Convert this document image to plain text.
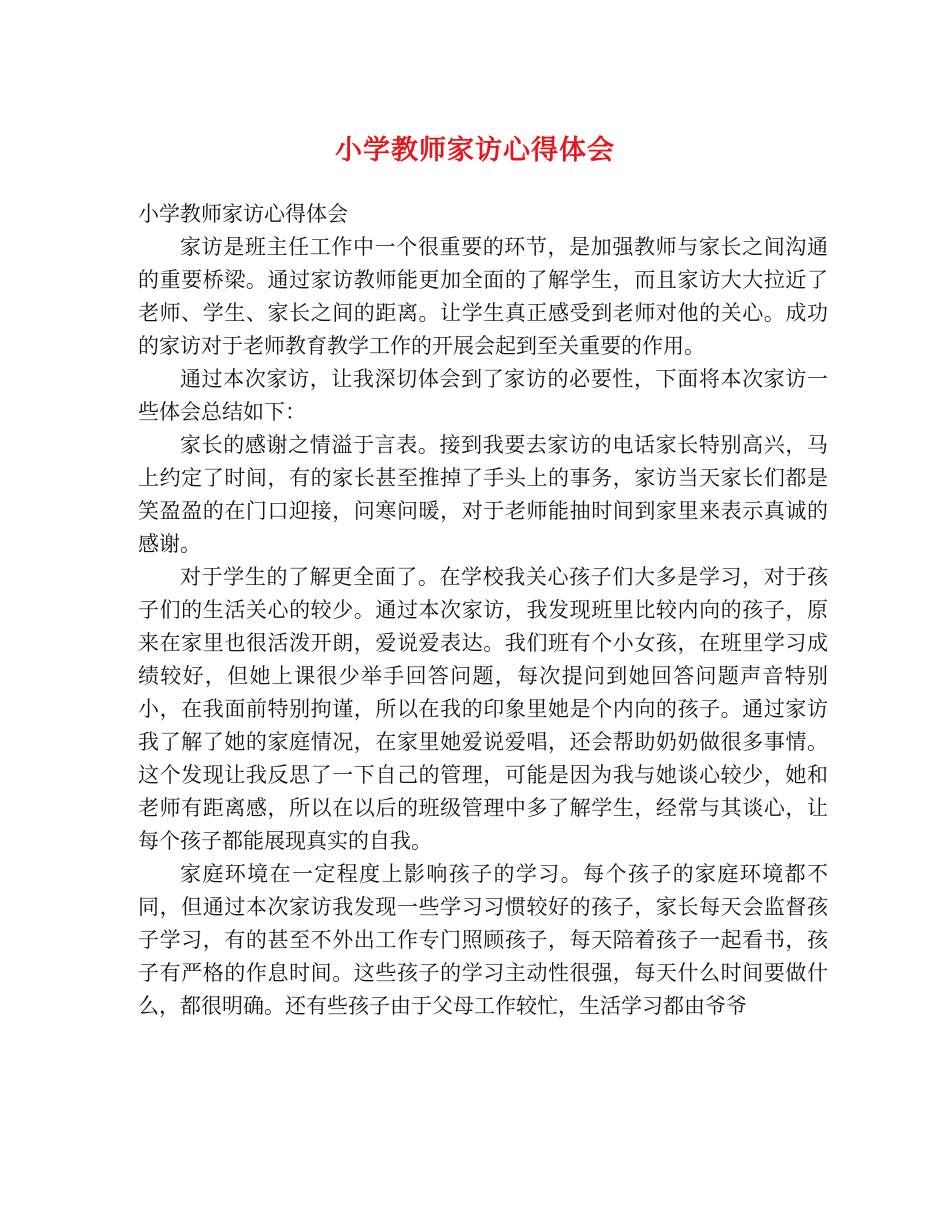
小学教师家访心得体会

小学教师家访心得体会

家访是班主任工作中一个很重要的环节，是加强教师与家长之间沟通的重要桥梁。通过家访教师能更加全面的了解学生，而且家访大大拉近了老师、学生、家长之间的距离。让学生真正感受到老师对他的关心。成功的家访对于老师教育教学工作的开展会起到至关重要的作用。

通过本次家访，让我深切体会到了家访的必要性，下面将本次家访一些体会总结如下：

家长的感谢之情溢于言表。接到我要去家访的电话家长特别高兴，马上约定了时间，有的家长甚至推掉了手头上的事务，家访当天家长们都是笑盈盈的在门口迎接，问寒问暖，对于老师能抽时间到家里来表示真诚的感谢。

对于学生的了解更全面了。在学校我关心孩子们大多是学习，对于孩子们的生活关心的较少。通过本次家访，我发现班里比较内向的孩子，原来在家里也很活泼开朗，爱说爱表达。我们班有个小女孩，在班里学习成绩较好，但她上课很少举手回答问题，每次提问到她回答问题声音特别小，在我面前特别拘谨，所以在我的印象里她是个内向的孩子。通过家访我了解了她的家庭情况，在家里她爱说爱唱，还会帮助奶奶做很多事情。这个发现让我反思了一下自己的管理，可能是因为我与她谈心较少，她和老师有距离感，所以在以后的班级管理中多了解学生，经常与其谈心，让每个孩子都能展现真实的自我。

家庭环境在一定程度上影响孩子的学习。每个孩子的家庭环境都不同，但通过本次家访我发现一些学习习惯较好的孩子，家长每天会监督孩子学习，有的甚至不外出工作专门照顾孩子，每天陪着孩子一起看书，孩子有严格的作息时间。这些孩子的学习主动性很强，每天什么时间要做什么，都很明确。还有些孩子由于父母工作较忙，生活学习都由爷爷
